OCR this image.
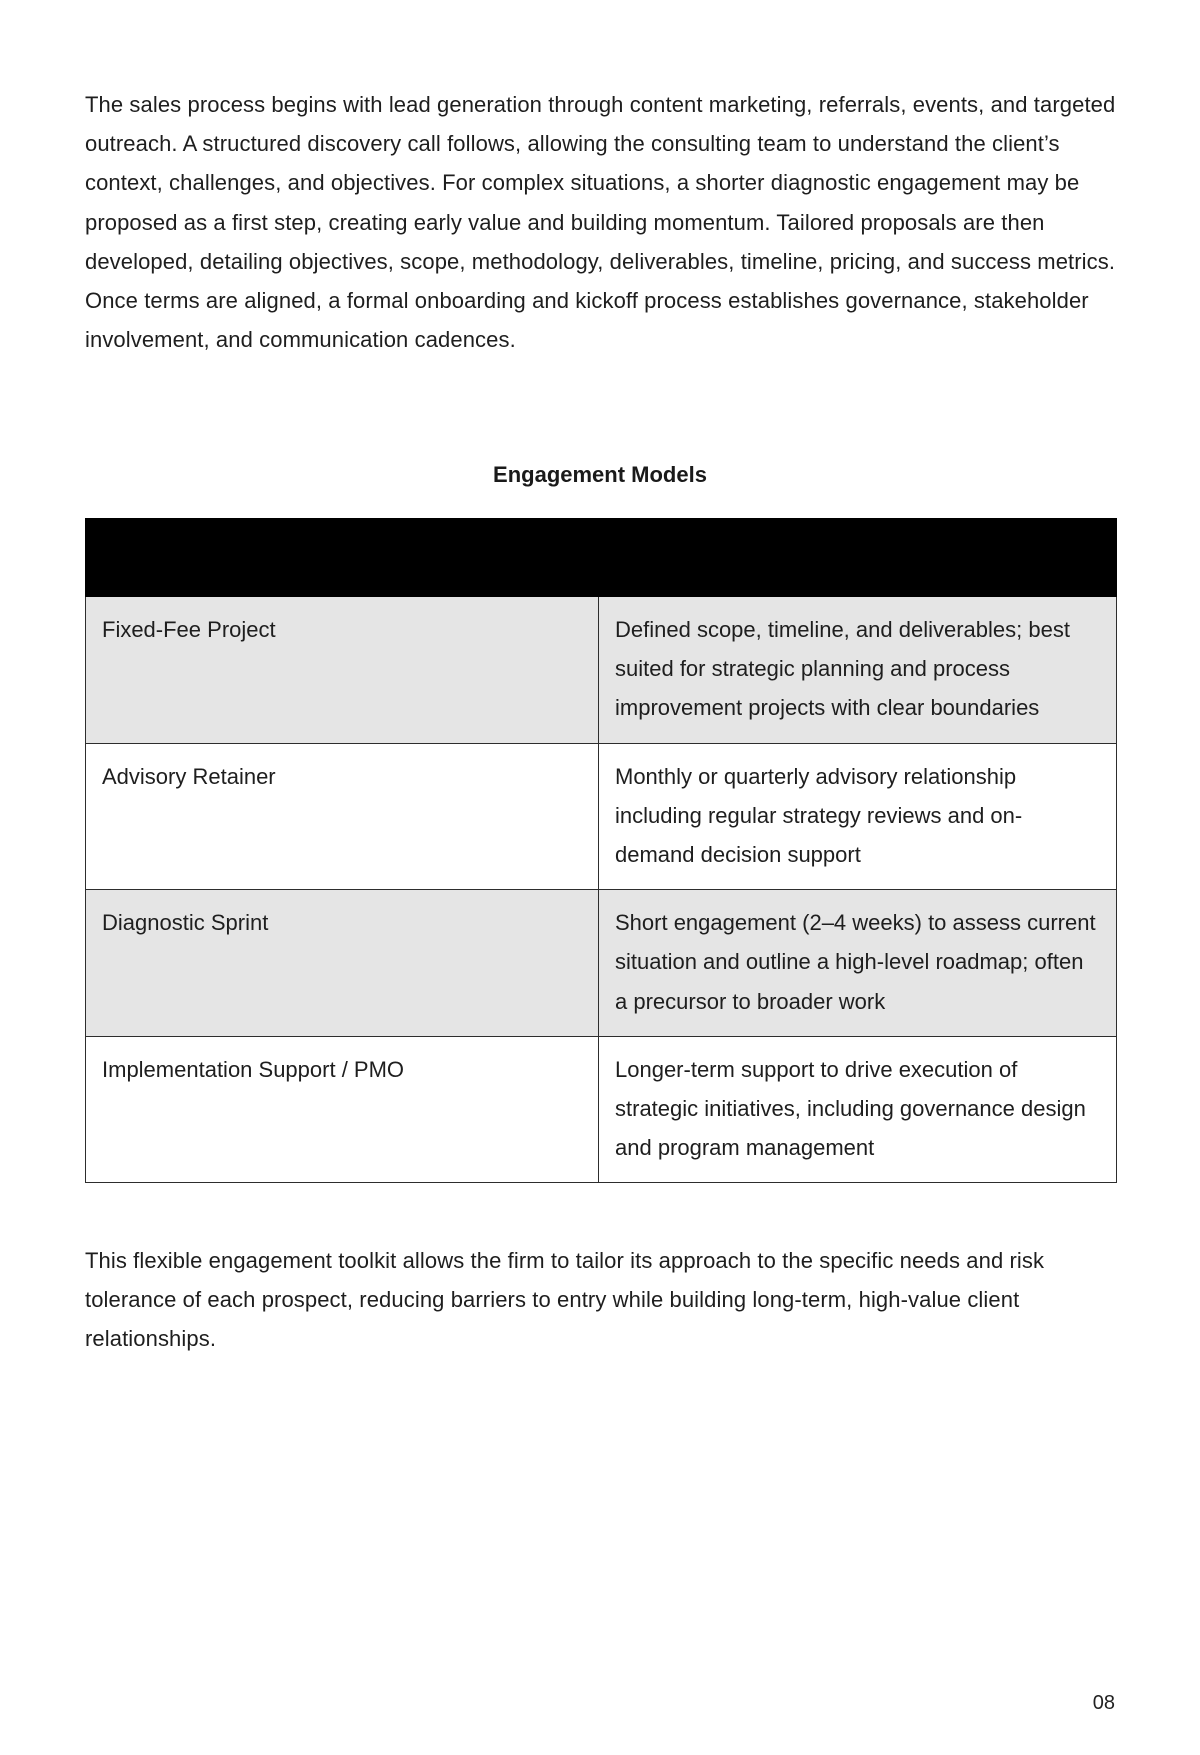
The sales process begins with lead generation through content marketing, referrals, events, and targeted outreach. A structured discovery call follows, allowing the consulting team to understand the client’s context, challenges, and objectives. For complex situations, a shorter diagnostic engagement may be proposed as a first step, creating early value and building momentum. Tailored proposals are then developed, detailing objectives, scope, methodology, deliverables, timeline, pricing, and success metrics. Once terms are aligned, a formal onboarding and kickoff process establishes governance, stakeholder involvement, and communication cadences.

Engagement Models

Fixed-Fee Project	Defined scope, timeline, and deliverables; best suited for strategic planning and process improvement projects with clear boundaries
Advisory Retainer	Monthly or quarterly advisory relationship including regular strategy reviews and on-demand decision support
Diagnostic Sprint	Short engagement (2–4 weeks) to assess current situation and outline a high-level roadmap; often a precursor to broader work
Implementation Support / PMO	Longer-term support to drive execution of strategic initiatives, including governance design and program management

This flexible engagement toolkit allows the firm to tailor its approach to the specific needs and risk tolerance of each prospect, reducing barriers to entry while building long-term, high-value client relationships.

08
